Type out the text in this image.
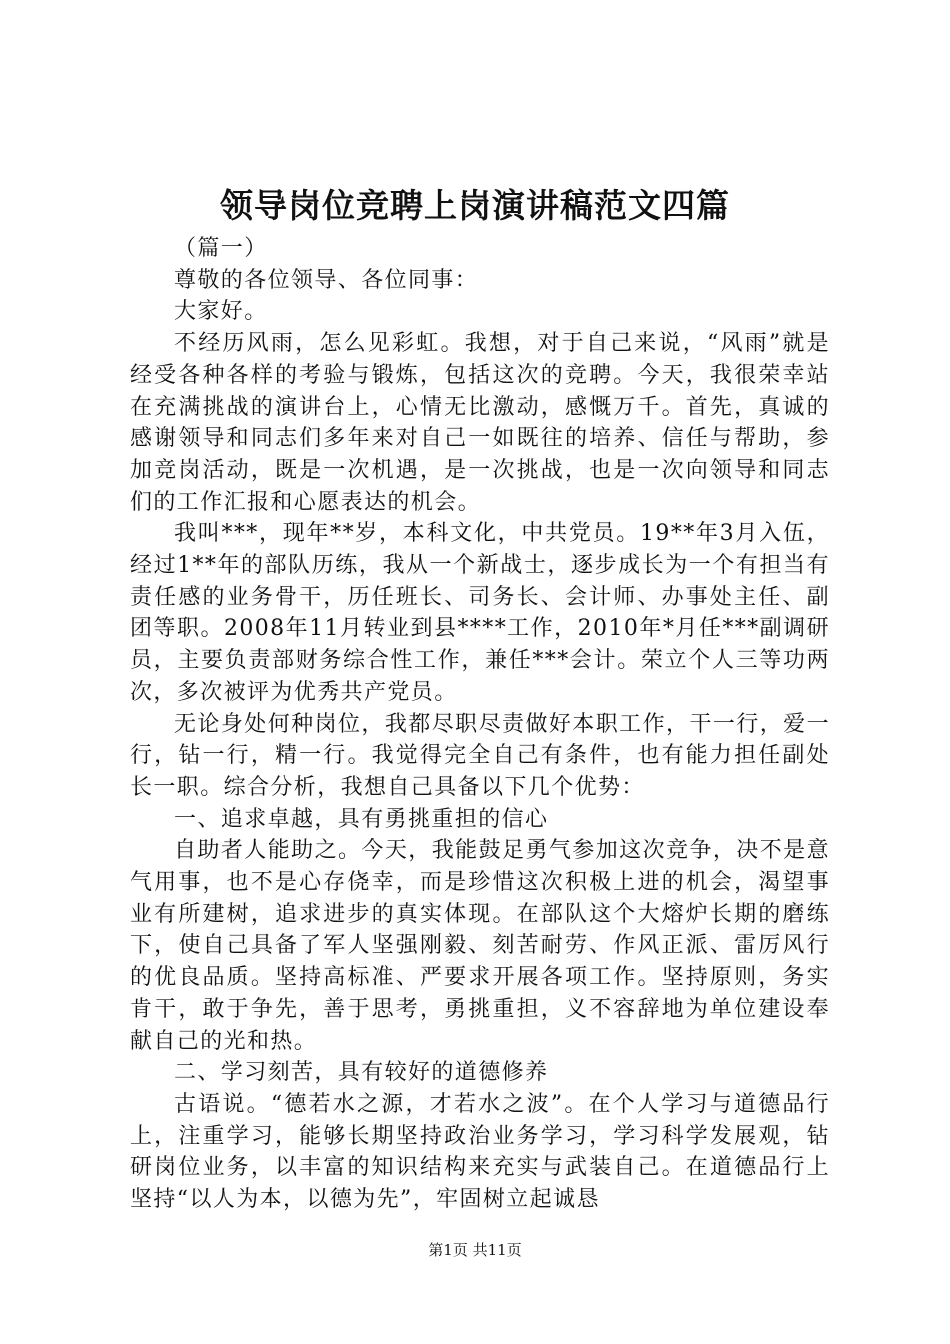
领导岗位竞聘上岗演讲稿范文四篇

（篇一）

尊敬的各位领导、各位同事：

大家好。

不经历风雨，怎么见彩虹。我想，对于自己来说，“风雨”就是经受各种各样的考验与锻炼，包括这次的竞聘。今天，我很荣幸站在充满挑战的演讲台上，心情无比激动，感慨万千。首先，真诚的感谢领导和同志们多年来对自己一如既往的培养、信任与帮助，参加竞岗活动，既是一次机遇，是一次挑战，也是一次向领导和同志们的工作汇报和心愿表达的机会。

我叫***，现年**岁，本科文化，中共党员。19**年3月入伍，经过1**年的部队历练，我从一个新战士，逐步成长为一个有担当有责任感的业务骨干，历任班长、司务长、会计师、办事处主任、副团等职。2008年11月转业到县****工作，2010年*月任***副调研员，主要负责部财务综合性工作，兼任***会计。荣立个人三等功两次，多次被评为优秀共产党员。

无论身处何种岗位，我都尽职尽责做好本职工作，干一行，爱一行，钻一行，精一行。我觉得完全自己有条件，也有能力担任副处长一职。综合分析，我想自己具备以下几个优势：

一、追求卓越，具有勇挑重担的信心

自助者人能助之。今天，我能鼓足勇气参加这次竞争，决不是意气用事，也不是心存侥幸，而是珍惜这次积极上进的机会，渴望事业有所建树，追求进步的真实体现。在部队这个大熔炉长期的磨练下，使自己具备了军人坚强刚毅、刻苦耐劳、作风正派、雷厉风行的优良品质。坚持高标准、严要求开展各项工作。坚持原则，务实肯干，敢于争先，善于思考，勇挑重担，义不容辞地为单位建设奉献自己的光和热。

二、学习刻苦，具有较好的道德修养

古语说。“德若水之源，才若水之波”。在个人学习与道德品行上，注重学习，能够长期坚持政治业务学习，学习科学发展观，钻研岗位业务，以丰富的知识结构来充实与武装自己。在道德品行上坚持“以人为本，以德为先”，牢固树立起诚恳

第1页 共11页
